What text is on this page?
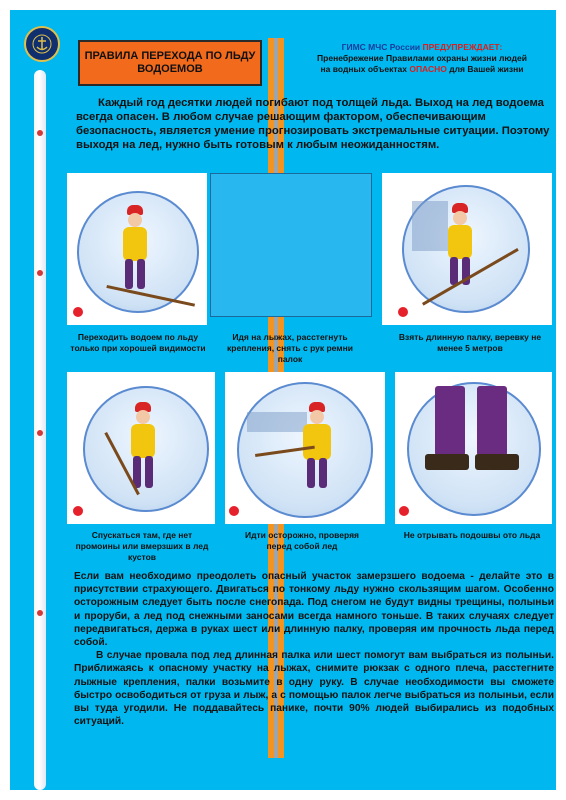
ПРАВИЛА ПЕРЕХОДА ПО ЛЬДУ ВОДОЕМОВ
ГИМС МЧС России ПРЕДУПРЕЖДАЕТ:
Пренебрежение Правилами охраны жизни людей
на водных объектах ОПАСНО для Вашей жизни
Каждый год десятки людей погибают под толщей льда. Выход на лед водоема всегда опасен. В любом случае решающим фактором, обеспечивающим безопасность, является умение прогнозировать экстремальные ситуации. Поэтому выходя на лед, нужно быть готовым к любым неожиданностям.
Переходить водоем по льду только при хорошей видимости
Идя на лыжах, расстегнуть крепления, снять с рук ремни палок
Взять длинную палку, веревку не менее 5 метров
Спускаться там, где нет промоины или вмерзших в лед кустов
Идти осторожно, проверяя перед собой лед
Не отрывать подошвы ото льда

Если вам необходимо преодолеть опасный участок замерзшего водоема - делайте это в присутствии страхующего. Двигаться по тонкому льду нужно скользящим шагом. Особенно осторожным следует быть после снегопада. Под снегом не будут видны трещины, полыньи и проруби, а лед под снежными заносами всегда намного тоньше. В таких случаях следует передвигаться, держа в руках шест или длинную палку, проверяя им прочность льда перед собой.

В случае провала под лед длинная палка или шест помогут вам выбраться из полыньи. Приближаясь к опасному участку на лыжах, снимите рюкзак с одного плеча, расстегните лыжные крепления, палки возьмите в одну руку. В случае необходимости вы сможете быстро освободиться от груза и лыж, а с помощью палок легче выбраться из полыньи, если вы туда угодили. Не поддавайтесь панике, почти 90% людей выбирались из подобных ситуаций.
